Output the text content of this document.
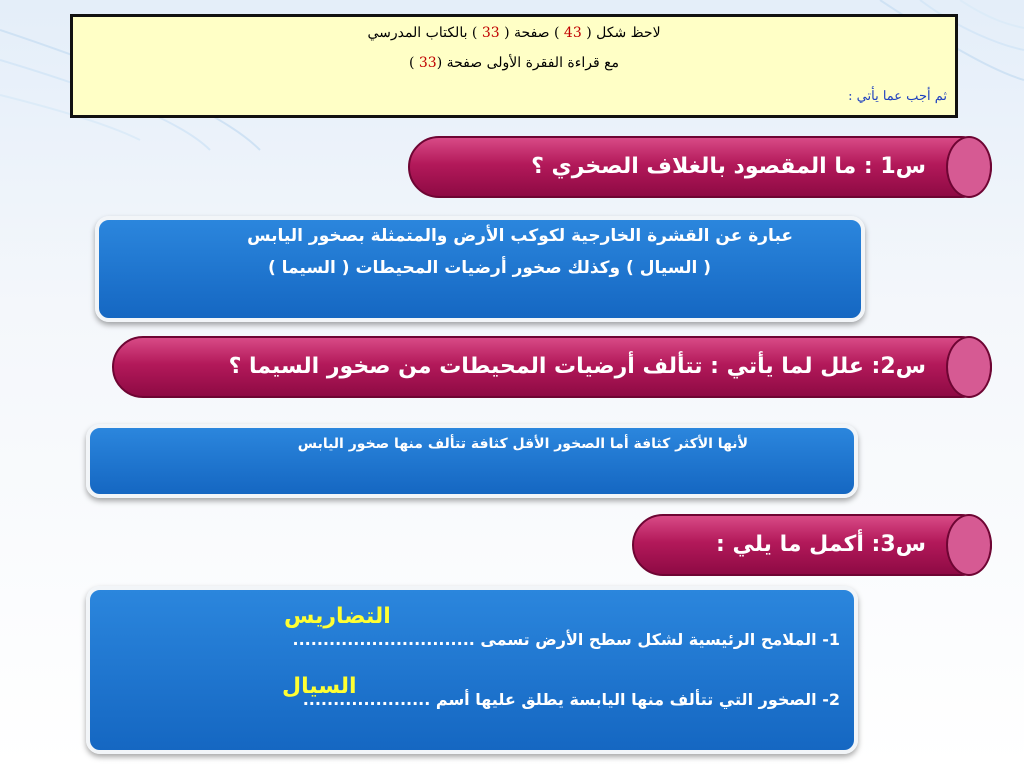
لاحظ شكل ( 43 ) صفحة ( 33 ) بالكتاب المدرسي
مع قراءة الفقرة الأولى صفحة (33 )
ثم أجب عما يأتي :
س1 : ما المقصود بالغلاف الصخري ؟
عبارة عن القشرة الخارجية لكوكب الأرض والمتمثلة بصخور اليابس
( السيال ) وكذلك صخور أرضيات المحيطات ( السيما )
س2: علل لما يأتي : تتألف أرضيات المحيطات من صخور السيما ؟
لأنها الأكثر كثافة أما الصخور الأقل كثافة تتألف منها صخور اليابس
س3: أكمل ما يلي :
1- الملامح الرئيسية لشكل سطح الأرض تسمى ..............................
2- الصخور التي تتألف منها اليابسة يطلق عليها أسم .....................
التضاريس
السيال
